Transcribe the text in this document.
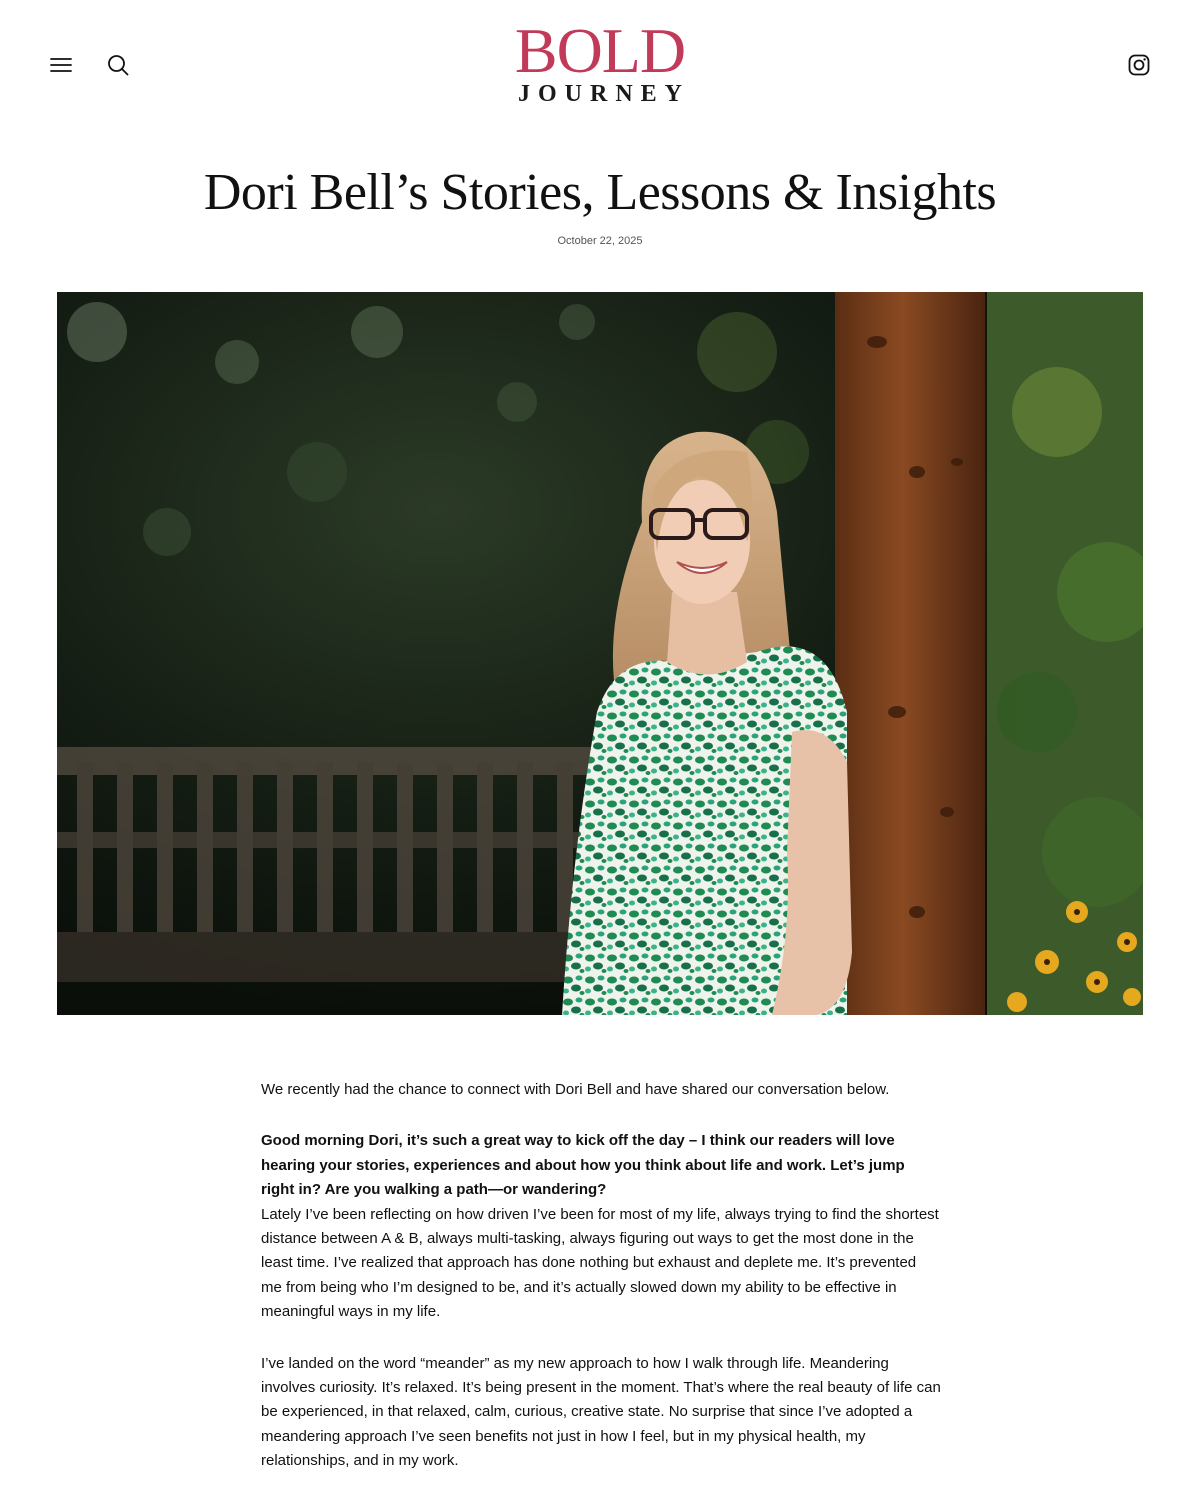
BOLD
JOURNEY
Dori Bell’s Stories, Lessons & Insights
October 22, 2025

We recently had the chance to connect with Dori Bell and have shared our conversation below.

Good morning Dori, it’s such a great way to kick off the day – I think our readers will love hearing your stories, experiences and about how you think about life and work. Let’s jump right in? Are you walking a path—or wandering?

Lately I’ve been reflecting on how driven I’ve been for most of my life, always trying to find the shortest distance between A & B, always multi-tasking, always figuring out ways to get the most done in the least time. I’ve realized that approach has done nothing but exhaust and deplete me. It’s prevented me from being who I’m designed to be, and it’s actually slowed down my ability to be effective in meaningful ways in my life.

I’ve landed on the word “meander” as my new approach to how I walk through life. Meandering involves curiosity. It’s relaxed. It’s being present in the moment. That’s where the real beauty of life can be experienced, in that relaxed, calm, curious, creative state. No surprise that since I’ve adopted a meandering approach I’ve seen benefits not just in how I feel, but in my physical health, my relationships, and in my work.
